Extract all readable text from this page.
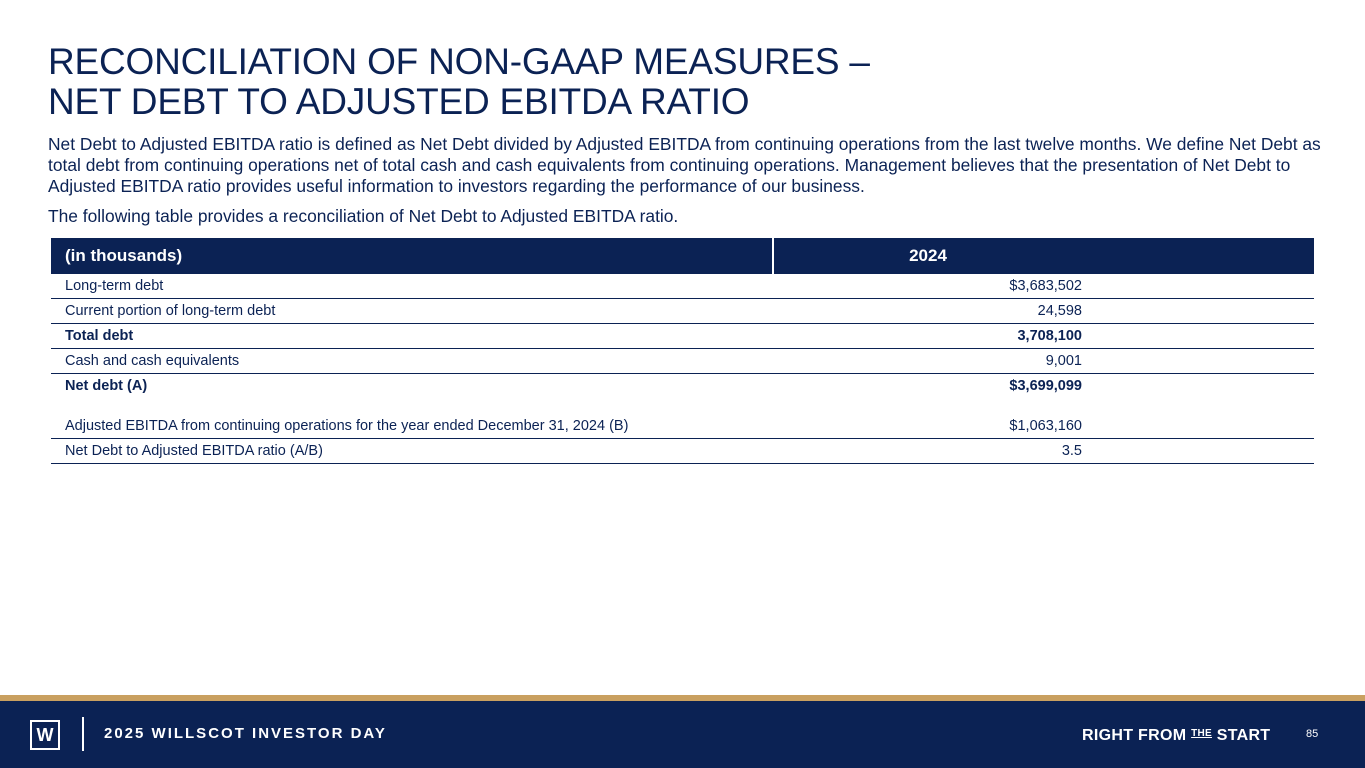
RECONCILIATION OF NON-GAAP MEASURES –
NET DEBT TO ADJUSTED EBITDA RATIO

Net Debt to Adjusted EBITDA ratio is defined as Net Debt divided by Adjusted EBITDA from continuing operations from the last twelve months. We define Net Debt as total debt from continuing operations net of total cash and cash equivalents from continuing operations. Management believes that the presentation of Net Debt to Adjusted EBITDA ratio provides useful information to investors regarding the performance of our business.

The following table provides a reconciliation of Net Debt to Adjusted EBITDA ratio.

(in thousands)	2024	
Long-term debt	$3,683,502	
Current portion of long-term debt	24,598	
Total debt	3,708,100	
Cash and cash equivalents	9,001	
Net debt (A)	$3,699,099	

Adjusted EBITDA from continuing operations for the year ended December 31, 2024 (B)	$1,063,160	
Net Debt to Adjusted EBITDA ratio (A/B)	3.5	
W	2025 WILLSCOT INVESTOR DAY	RIGHT FROM $^{THE}$ START	85
